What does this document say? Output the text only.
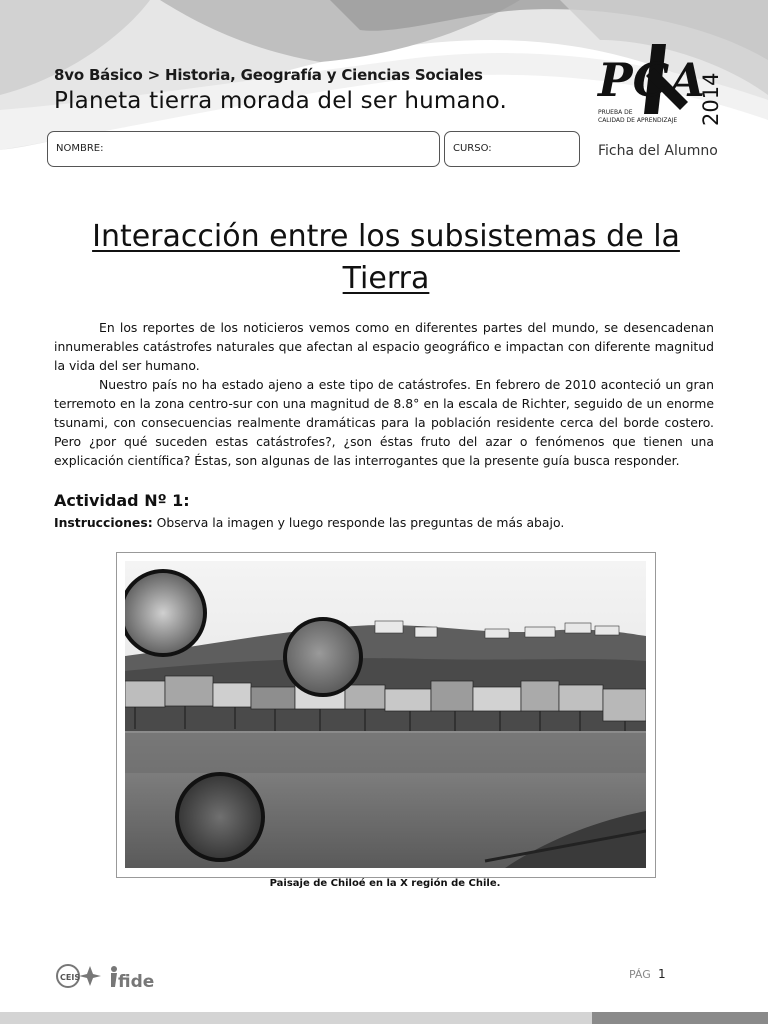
8vo Básico > Historia, Geografía y Ciencias Sociales
Planeta tierra morada del ser humano.
NOMBRE:	CURSO:
PCA
PRUEBA DE
CALIDAD DE APRENDIZAJE 2014
Ficha del Alumno
Interacción entre los subsistemas de la Tierra

En los reportes de los noticieros vemos como en diferentes partes del mundo, se desencadenan innumerables catástrofes naturales que afectan al espacio geográfico e impactan con diferente magnitud la vida del ser humano.

Nuestro país no ha estado ajeno a este tipo de catástrofes. En febrero de 2010 aconteció un gran terremoto en la zona centro-sur con una magnitud de 8.8° en la escala de Richter, seguido de un enorme tsunami, con consecuencias realmente dramáticas para la población residente cerca del borde costero. Pero ¿por qué suceden estas catástrofes?, ¿son éstas fruto del azar o fenómenos que tienen una explicación científica? Éstas, son algunas de las interrogantes que la presente guía busca responder.

Actividad Nº 1:
Instrucciones: Observa la imagen y luego responde las preguntas de más abajo.
Paisaje de Chiloé en la X región de Chile.
CEIS fide	PÁG 1
